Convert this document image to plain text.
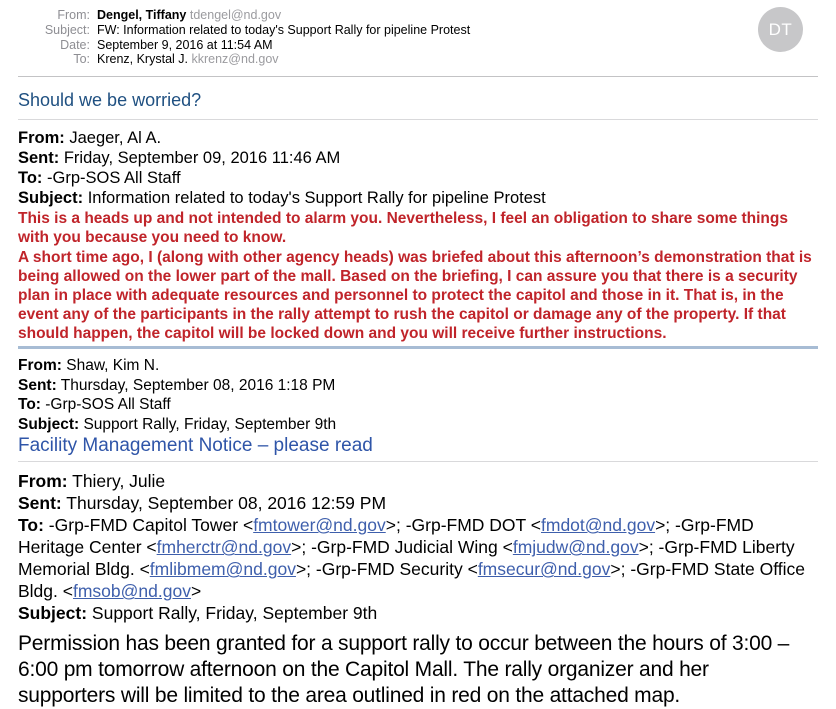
From: Dengel, Tiffany tdengel@nd.gov
Subject: FW: Information related to today's Support Rally for pipeline Protest
Date: September 9, 2016 at 11:54 AM
To: Krenz, Krystal J. kkrenz@nd.gov
DT
Should we be worried?

From: Jaeger, Al A.

Sent: Friday, September 09, 2016 11:46 AM

To: -Grp-SOS All Staff

Subject: Information related to today's Support Rally for pipeline Protest

This is a heads up and not intended to alarm you. Nevertheless, I feel an obligation to share some things with you because you need to know.

A short time ago, I (along with other agency heads) was briefed about this afternoon’s demonstration that is being allowed on the lower part of the mall. Based on the briefing, I can assure you that there is a security plan in place with adequate resources and personnel to protect the capitol and those in it. That is, in the event any of the participants in the rally attempt to rush the capitol or damage any of the property. If that should happen, the capitol will be locked down and you will receive further instructions.

From: Shaw, Kim N.

Sent: Thursday, September 08, 2016 1:18 PM

To: -Grp-SOS All Staff

Subject: Support Rally, Friday, September 9th

Facility Management Notice – please read

From: Thiery, Julie

Sent: Thursday, September 08, 2016 12:59 PM

To: -Grp-FMD Capitol Tower <fmtower@nd.gov>; -Grp-FMD DOT <fmdot@nd.gov>; -Grp-FMD Heritage Center <fmherctr@nd.gov>; -Grp-FMD Judicial Wing <fmjudw@nd.gov>; -Grp-FMD Liberty Memorial Bldg. <fmlibmem@nd.gov>; -Grp-FMD Security <fmsecur@nd.gov>; -Grp-FMD State Office Bldg. <fmsob@nd.gov>

Subject: Support Rally, Friday, September 9th

Permission has been granted for a support rally to occur between the hours of 3:00 – 6:00 pm tomorrow afternoon on the Capitol Mall. The rally organizer and her supporters will be limited to the area outlined in red on the attached map.
